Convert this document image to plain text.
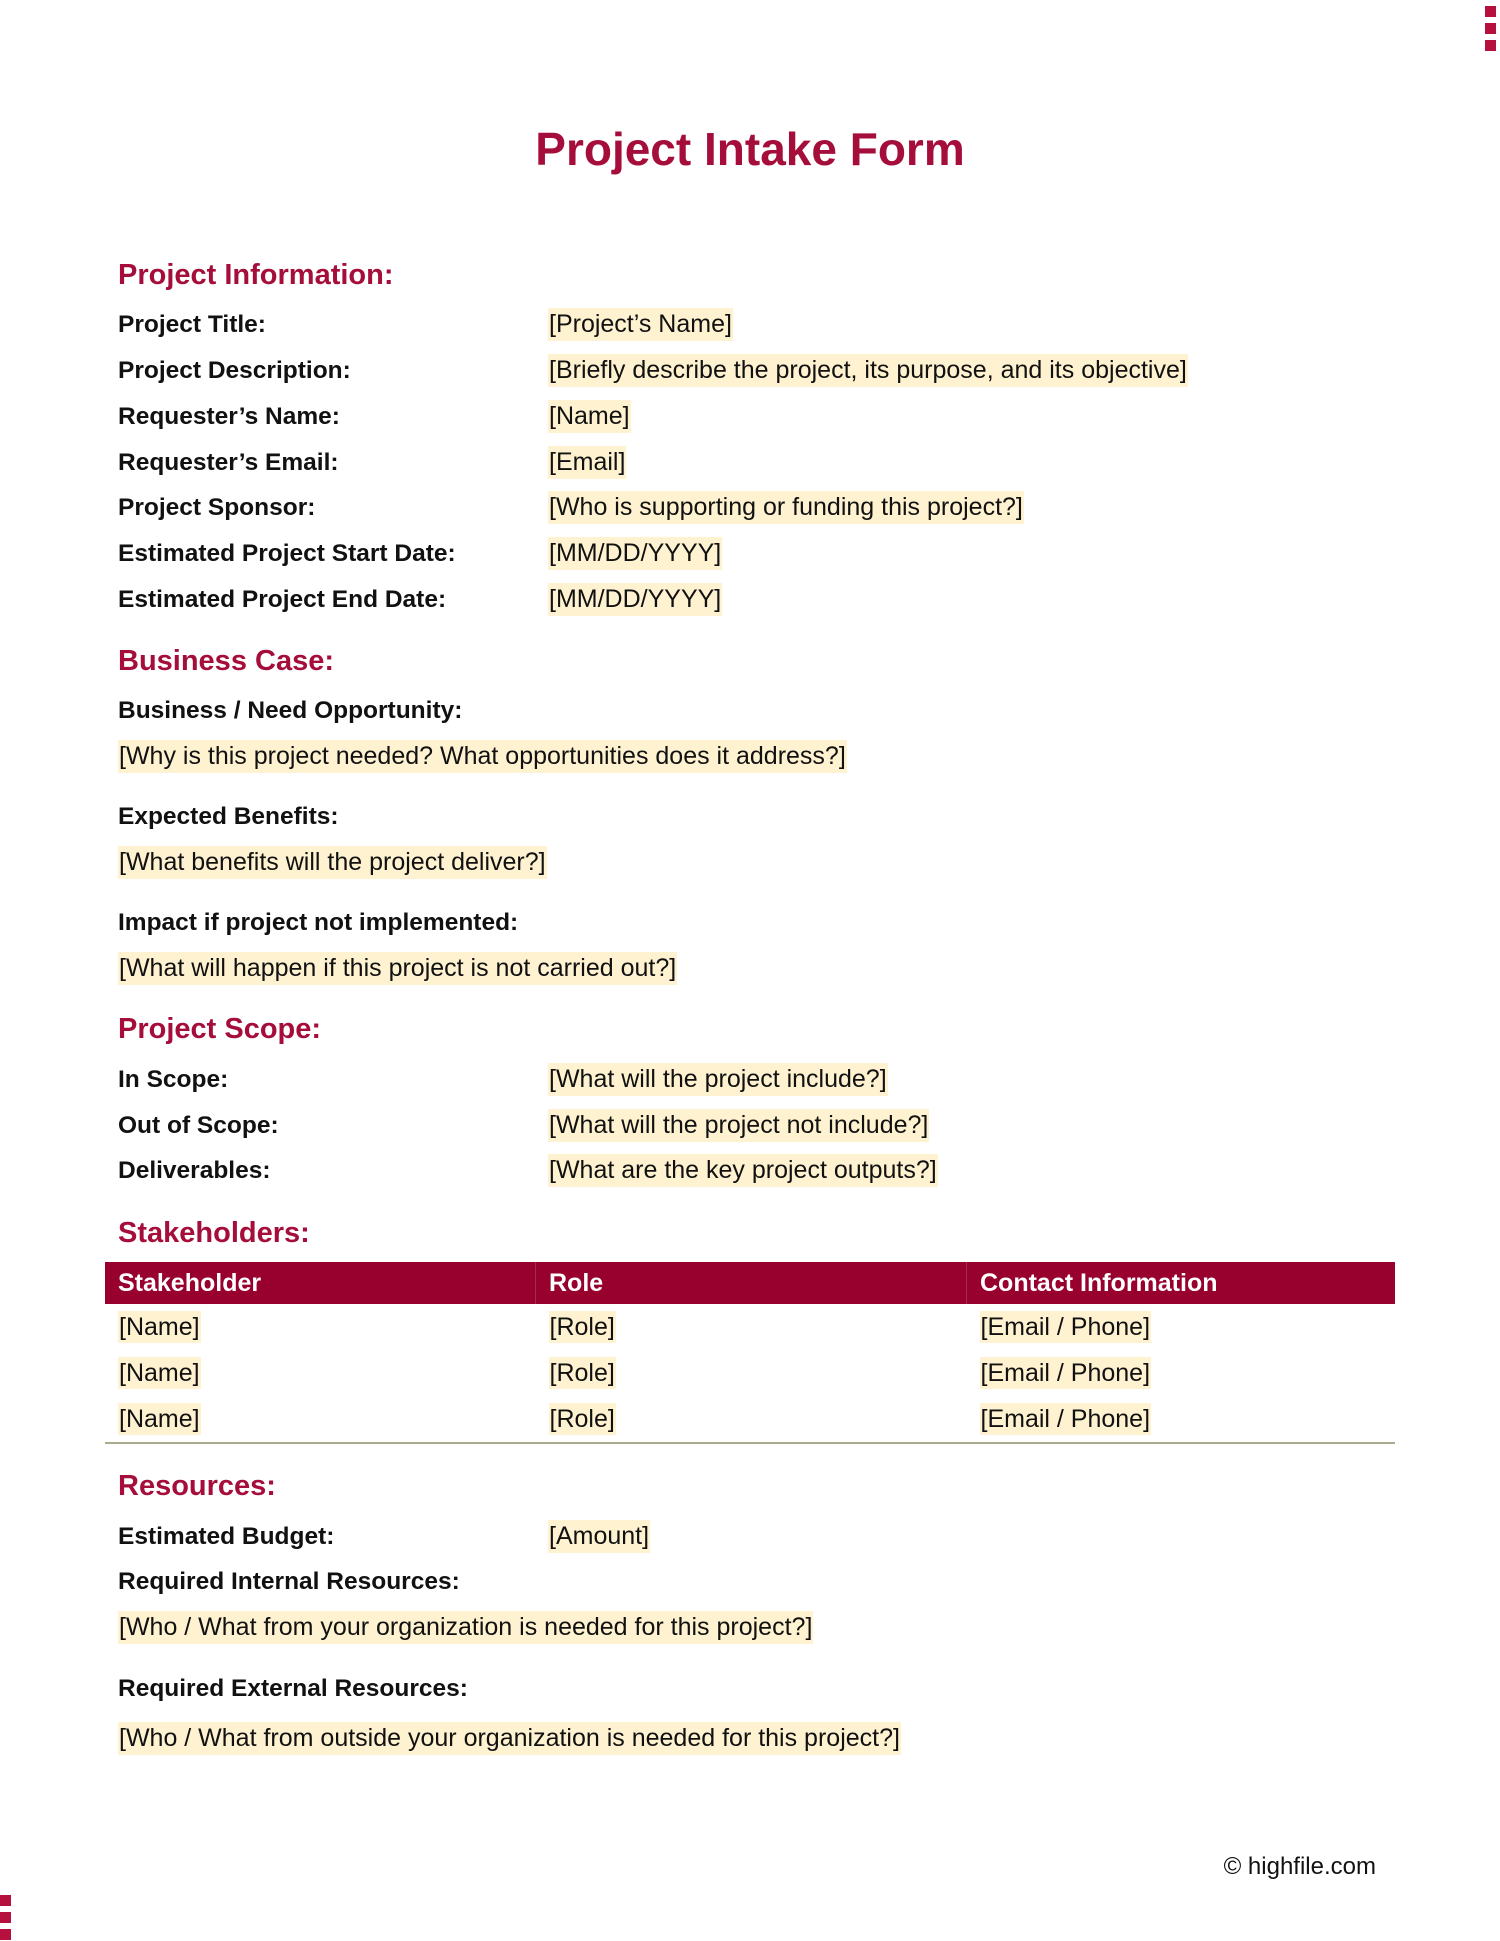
Project Intake Form
Project Information:
Project Title:	[Project’s Name]
Project Description:	[Briefly describe the project, its purpose, and its objective]
Requester’s Name:	[Name]
Requester’s Email:	[Email]
Project Sponsor:	[Who is supporting or funding this project?]
Estimated Project Start Date:	[MM/DD/YYYY]
Estimated Project End Date:	[MM/DD/YYYY]
Business Case:
Business / Need Opportunity:
[Why is this project needed? What opportunities does it address?]
Expected Benefits:
[What benefits will the project deliver?]
Impact if project not implemented:
[What will happen if this project is not carried out?]
Project Scope:
In Scope:	[What will the project include?]
Out of Scope:	[What will the project not include?]
Deliverables:	[What are the key project outputs?]
Stakeholders:
Stakeholder	Role	Contact Information
[Name]	[Role]	[Email / Phone]
[Name]	[Role]	[Email / Phone]
[Name]	[Role]	[Email / Phone]
Resources:
Estimated Budget:	[Amount]
Required Internal Resources:
[Who / What from your organization is needed for this project?]
Required External Resources:
[Who / What from outside your organization is needed for this project?]
© highfile.com
